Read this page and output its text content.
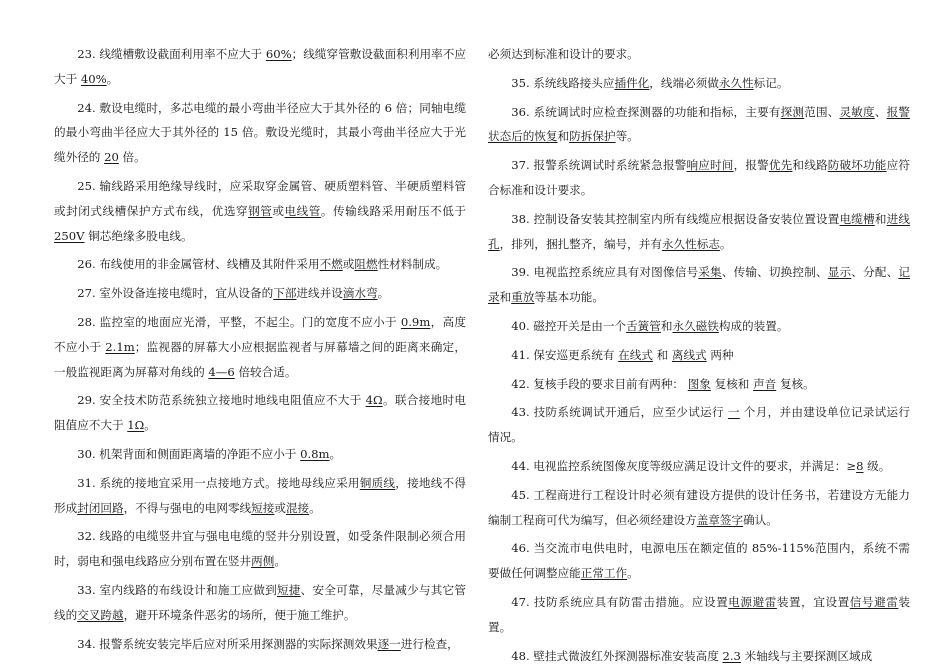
23. 线缆槽敷设截面利用率不应大于 60%；线缆穿管敷设截面积利用率不应大于 40%。

24. 敷设电缆时，多芯电缆的最小弯曲半径应大于其外径的 6 倍；同轴电缆的最小弯曲半径应大于其外径的 15 倍。敷设光缆时，其最小弯曲半径应大于光缆外径的 20 倍。

25. 输线路采用绝缘导线时，应采取穿金属管、硬质塑料管、半硬质塑料管或封闭式线槽保护方式布线，优选穿钢管或电线管。传输线路采用耐压不低于 250V 铜芯绝缘多股电线。

26. 布线使用的非金属管材、线槽及其附件采用不燃或阻燃性材料制成。

27. 室外设备连接电缆时，宜从设备的下部进线并设滴水弯。

28. 监控室的地面应光滑，平整，不起尘。门的宽度不应小于 0.9m，高度不应小于 2.1m；监视器的屏幕大小应根据监视者与屏幕墙之间的距离来确定，一般监视距离为屏幕对角线的 4—6 倍较合适。

29. 安全技术防范系统独立接地时地线电阻值应不大于 4Ω。联合接地时电阻值应不大于 1Ω。

30. 机架背面和侧面距离墙的净距不应小于 0.8m。

31. 系统的接地宜采用一点接地方式。接地母线应采用铜质线，接地线不得形成封闭回路，不得与强电的电网零线短接或混接。

32. 线路的电缆竖井宜与强电电缆的竖井分别设置，如受条件限制必须合用时，弱电和强电线路应分别布置在竖井两侧。

33. 室内线路的布线设计和施工应做到短捷、安全可靠，尽量减少与其它管线的交叉跨越，避开环境条件恶劣的场所，便于施工维护。

34. 报警系统安装完毕后应对所采用探测器的实际探测效果逐一进行检查，

必须达到标准和设计的要求。

35. 系统线路接头应插件化，线端必须做永久性标记。

36. 系统调试时应检查探测器的功能和指标，主要有探测范围、灵敏度、报警状态后的恢复和防拆保护等。

37. 报警系统调试时系统紧急报警响应时间，报警优先和线路防破坏功能应符合标准和设计要求。

38. 控制设备安装其控制室内所有线缆应根据设备安装位置设置电缆槽和进线孔，排列，捆扎整齐，编号，并有永久性标志。

39. 电视监控系统应具有对图像信号采集、传输、切换控制、显示、分配、记录和重放等基本功能。

40. 磁控开关是由一个舌簧管和永久磁铁构成的装置。

41. 保安巡更系统有 在线式 和 离线式 两种

42. 复核手段的要求目前有两种： 图象 复核和 声音 复核。

43. 技防系统调试开通后，应至少试运行 一 个月，并由建设单位记录试运行情况。

44. 电视监控系统图像灰度等级应满足设计文件的要求，并满足：≥8 级。

45. 工程商进行工程设计时必须有建设方提供的设计任务书，若建设方无能力编制工程商可代为编写，但必须经建设方盖章签字确认。

46. 当交流市电供电时，电源电压在额定值的 85%-115%范围内，系统不需要做任何调整应能正常工作。

47. 技防系统应具有防雷击措施。应设置电源避雷装置，宜设置信号避雷装置。

48. 壁挂式微波红外探测器标准安装高度 2.3 米轴线与主要探测区域成
